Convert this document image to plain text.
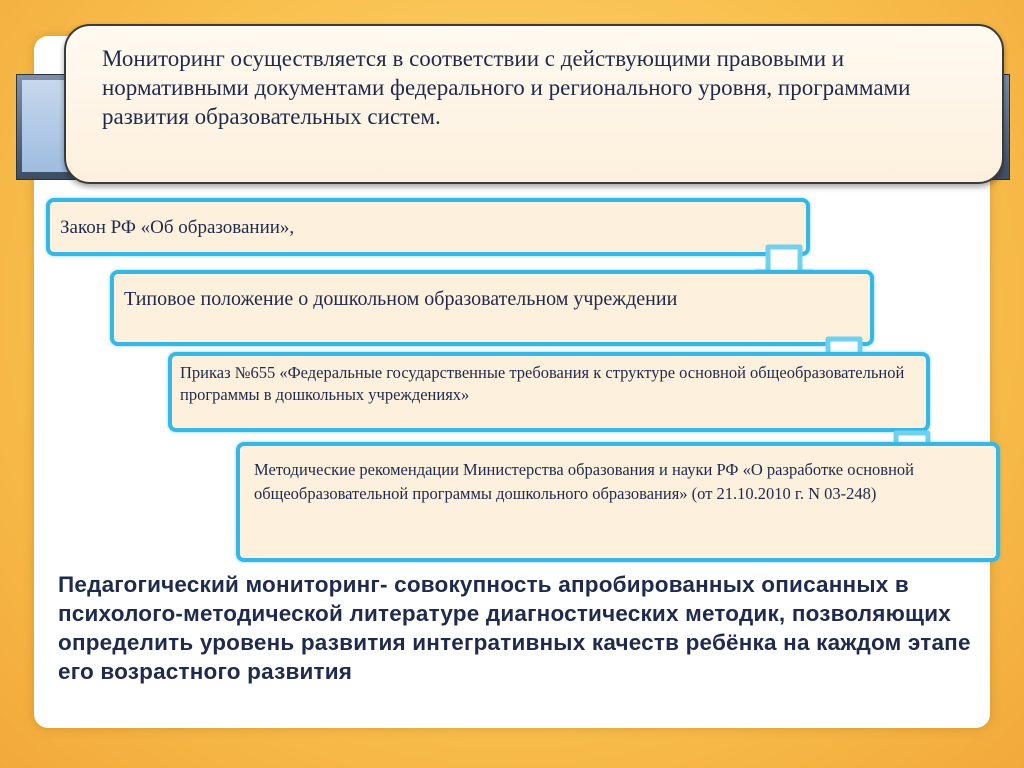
Мониторинг осуществляется в соответствии с действующими правовыми и нормативными документами федерального и регионального уровня, программами развития образовательных систем.
Закон РФ «Об образовании»,
Типовое положение о дошкольном образовательном учреждении
Приказ №655 «Федеральные государственные требования к структуре основной общеобразовательной программы в дошкольных учреждениях»
Методические рекомендации Министерства образования и науки РФ «О разработке основной общеобразовательной программы дошкольного образования» (от 21.10.2010 г. N 03-248)
Педагогический мониторинг- совокупность апробированных описанных в психолого-методической литературе диагностических методик, позволяющих определить уровень развития интегративных качеств ребёнка на каждом этапе его возрастного развития
